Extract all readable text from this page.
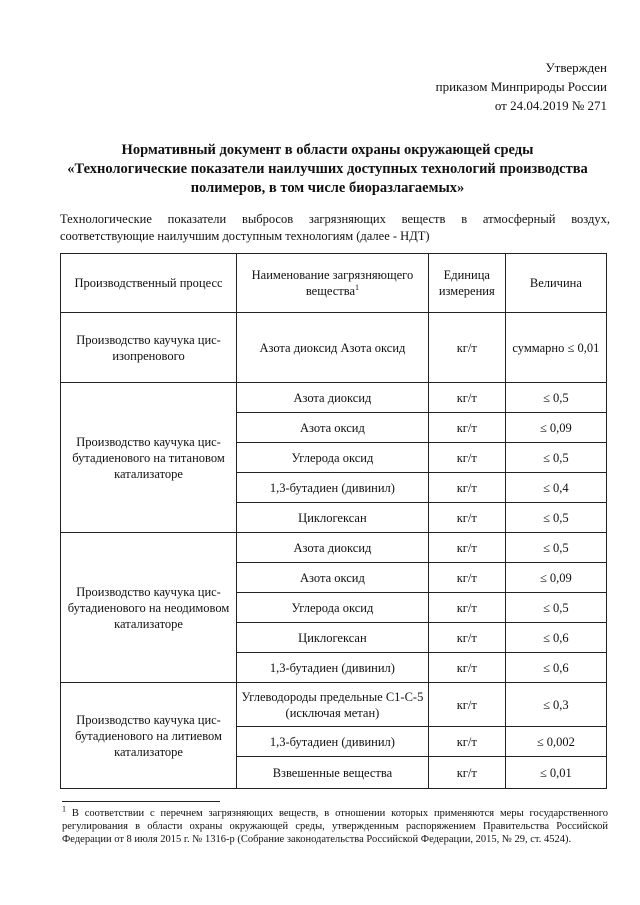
Утвержден
приказом Минприроды России
от 24.04.2019 № 271
Нормативный документ в области охраны окружающей среды
«Технологические показатели наилучших доступных технологий производства
полимеров, в том числе биоразлагаемых»
Технологические показатели выбросов загрязняющих веществ в атмосферный воздух, соответствующие наилучшим доступным технологиям (далее - НДТ)
Производственный процесс	Наименование загрязняющего вещества$^1$	Единица измерения	Величина
Производство каучука цис-изопренового	Азота диоксид Азота оксид	кг/т	суммарно ≤ 0,01
Производство каучука цис-бутадиенового на титановом катализаторе	Азота диоксид	кг/т	≤ 0,5
	Азота оксид	кг/т	≤ 0,09
	Углерода оксид	кг/т	≤ 0,5
	1,3-бутадиен (дивинил)	кг/т	≤ 0,4
	Циклогексан	кг/т	≤ 0,5
Производство каучука цис-бутадиенового на неодимовом катализаторе	Азота диоксид	кг/т	≤ 0,5
	Азота оксид	кг/т	≤ 0,09
	Углерода оксид	кг/т	≤ 0,5
	Циклогексан	кг/т	≤ 0,6
	1,3-бутадиен (дивинил)	кг/т	≤ 0,6
Производство каучука цис-бутадиенового на литиевом катализаторе	Углеводороды предельные С1-С-5 (исключая метан)	кг/т	≤ 0,3
	1,3-бутадиен (дивинил)	кг/т	≤ 0,002
	Взвешенные вещества	кг/т	≤ 0,01
$^1$ В соответствии с перечнем загрязняющих веществ, в отношении которых применяются меры государственного регулирования в области охраны окружающей среды, утвержденным распоряжением Правительства Российской Федерации от 8 июля 2015 г. № 1316-р (Собрание законодательства Российской Федерации, 2015, № 29, ст. 4524).
